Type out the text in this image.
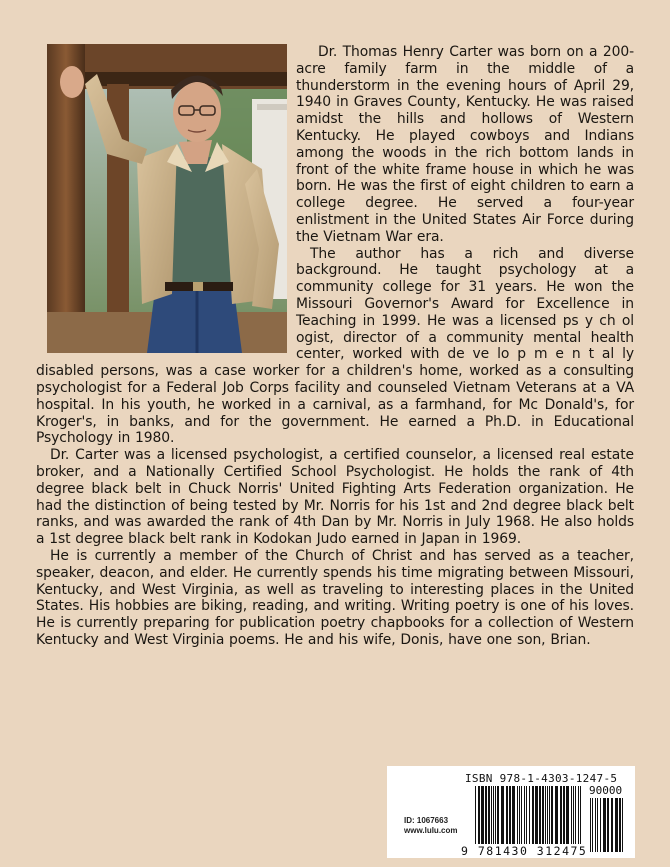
Dr. Thomas Henry Carter was born on a 200-acre family farm in the middle of a thunderstorm in the evening hours of April 29, 1940 in Graves County, Kentucky. He was raised amidst the hills and hollows of Western Kentucky. He played cowboys and Indians among the woods in the rich bottom lands in front of the white frame house in which he was born. He was the first of eight children to earn a college degree. He served a four-year enlistment in the United States Air Force during the Vietnam War era.

The author has a rich and diverse background. He taught psychology at a community college for 31 years. He won the Missouri Governor's Award for Excellence in Teaching in 1999. He was a licensed ps y ch ol ogist, director of a community mental health center, worked with de ve lo p m e n t al ly disabled persons, was a case worker for a children's home, worked as a consulting psychologist for a Federal Job Corps facility and counseled Vietnam Veterans at a VA hospital. In his youth, he worked in a carnival, as a farmhand, for Mc Donald's, for Kroger's, in banks, and for the government. He earned a Ph.D. in Educational Psychology in 1980.

Dr. Carter was a licensed psychologist, a certified counselor, a licensed real estate broker, and a Nationally Certified School Psychologist. He holds the rank of 4th degree black belt in Chuck Norris' United Fighting Arts Federation organization. He had the distinction of being tested by Mr. Norris for his 1st and 2nd degree black belt ranks, and was awarded the rank of 4th Dan by Mr. Norris in July 1968. He also holds a 1st degree black belt rank in Kodokan Judo earned in Japan in 1969.

He is currently a member of the Church of Christ and has served as a teacher, speaker, deacon, and elder. He currently spends his time migrating between Missouri, Kentucky, and West Virginia, as well as traveling to interesting places in the United States. His hobbies are biking, reading, and writing. Writing poetry is one of his loves. He is currently preparing for publication poetry chapbooks for a collection of Western Kentucky and West Virginia poems. He and his wife, Donis, have one son, Brian.

ISBN 978-1-4303-1247-5
90000
ID: 1067663
www.lulu.com
9 781430 312475
